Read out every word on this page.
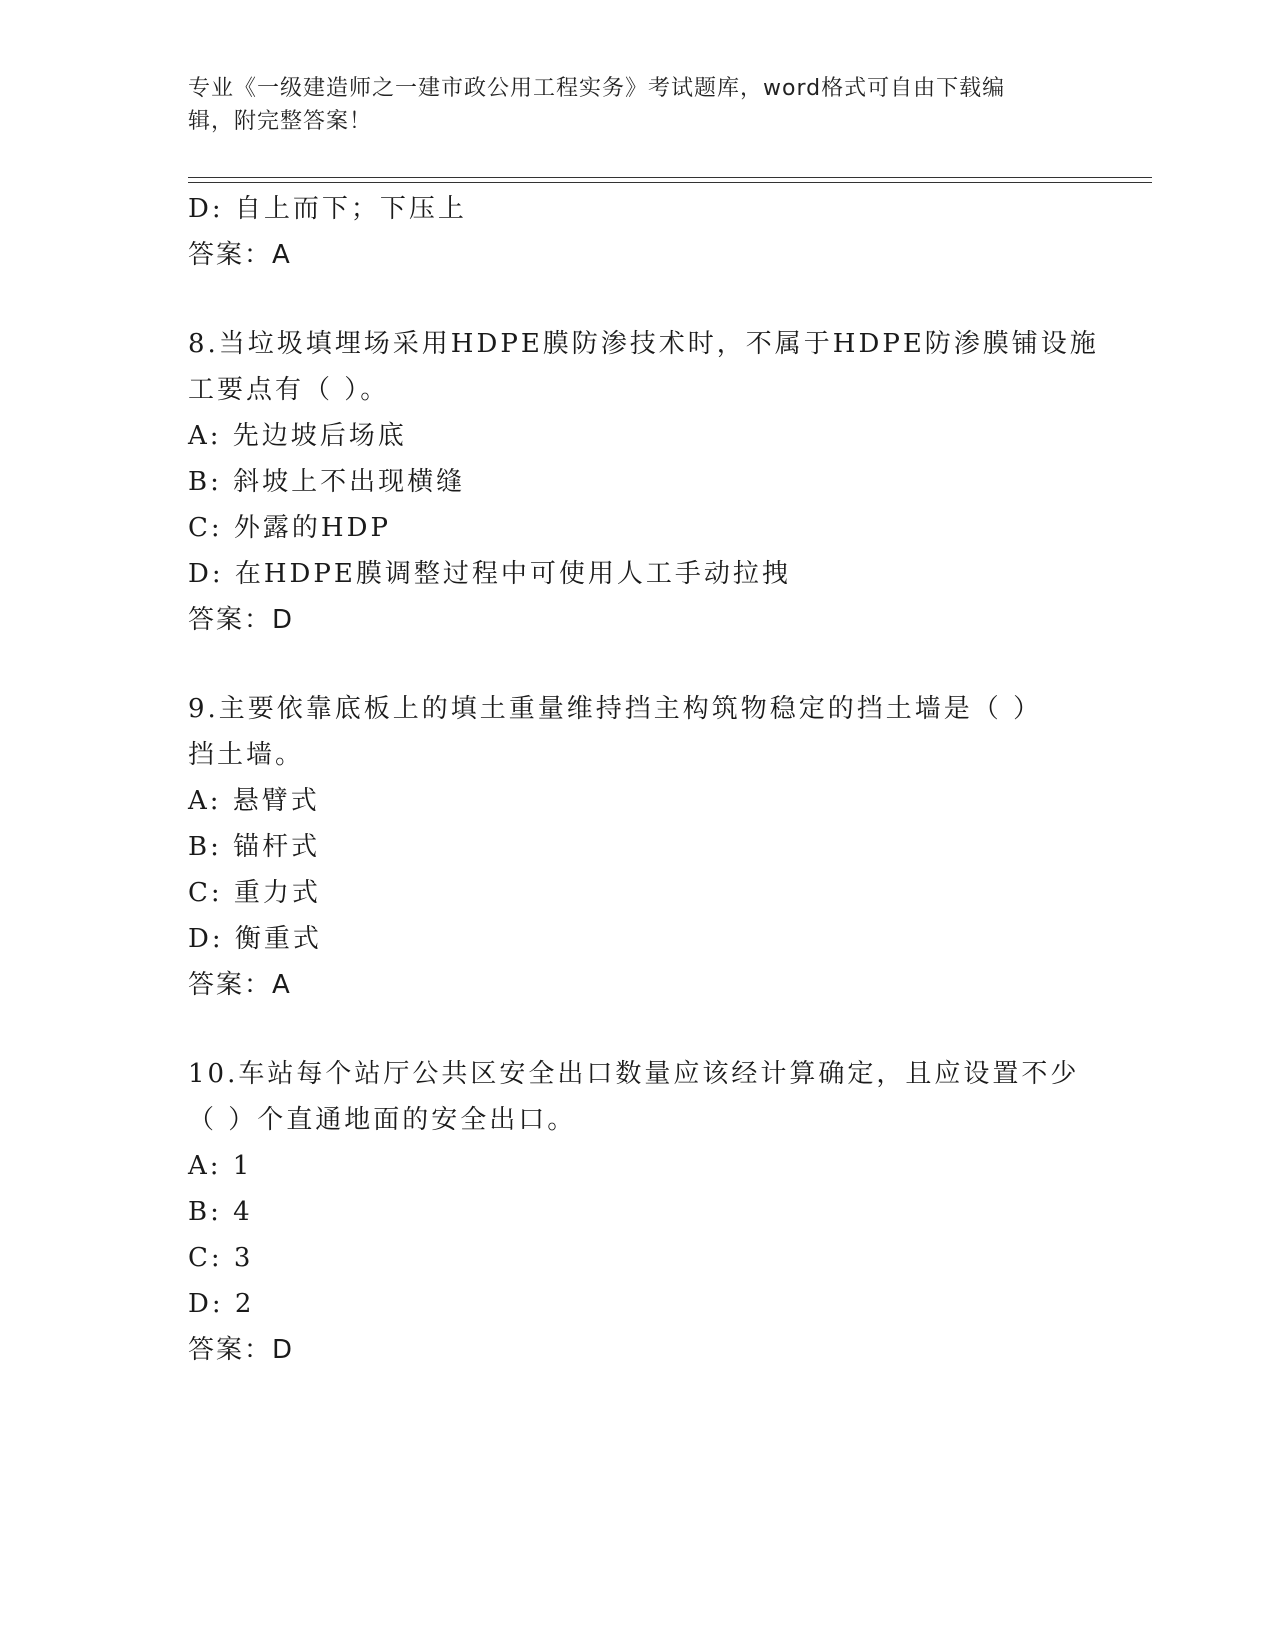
专业《一级建造师之一建市政公用工程实务》考试题库，word格式可自由下载编
辑，附完整答案！
D: 自上而下；下压上
答案：A
8.当垃圾填埋场采用HDPE膜防渗技术时，不属于HDPE防渗膜铺设施
工要点有（ ）。
A: 先边坡后场底
B: 斜坡上不出现横缝
C: 外露的HDP
D: 在HDPE膜调整过程中可使用人工手动拉拽
答案：D
9.主要依靠底板上的填土重量维持挡主构筑物稳定的挡土墙是（ ）
挡土墙。
A: 悬臂式
B: 锚杆式
C: 重力式
D: 衡重式
答案：A
10.车站每个站厅公共区安全出口数量应该经计算确定，且应设置不少
（ ）个直通地面的安全出口。
A: 1
B: 4
C: 3
D: 2
答案：D
